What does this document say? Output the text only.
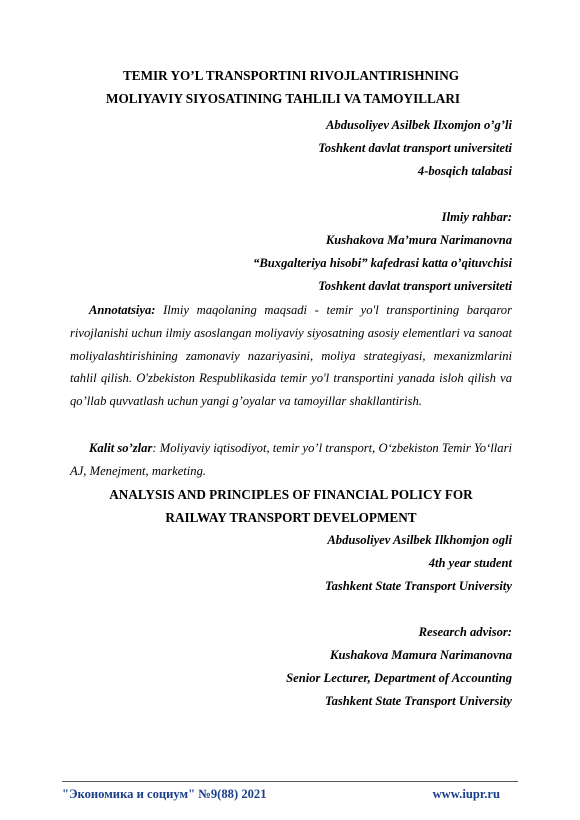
TEMIR YO’L TRANSPORTINI RIVOJLANTIRISHNING
MOLIYAVIY SIYOSATINING TAHLILI VA TAMOYILLARI
Abdusoliyev Asilbek Ilxomjon o’g’li
Toshkent davlat transport universiteti
4-bosqich talabasi
Ilmiy rahbar:
Kushakova Ma’mura Narimanovna
“Buxgalteriya hisobi” kafedrasi katta o’qituvchisi
Toshkent davlat transport universiteti
Annotatsiya: Ilmiy maqolaning maqsadi - temir yo'l transportining barqaror rivojlanishi uchun ilmiy asoslangan moliyaviy siyosatning asosiy elementlari va sanoat moliyalashtirishining zamonaviy nazariyasini, moliya strategiyasi, mexanizmlarini tahlil qilish. O'zbekiston Respublikasida temir yo'l transportini yanada isloh qilish va qo’llab quvvatlash uchun yangi g’oyalar va tamoyillar shakllantirish.
Kalit so’zlar: Moliyaviy iqtisodiyot, temir yo’l transport, O‘zbekiston Temir Yo‘llari AJ, Menejment, marketing.
ANALYSIS AND PRINCIPLES OF FINANCIAL POLICY FOR
RAILWAY TRANSPORT DEVELOPMENT
Abdusoliyev Asilbek Ilkhomjon ogli
4th year student
Tashkent State Transport University
Research advisor:
Kushakova Mamura Narimanovna
Senior Lecturer, Department of Accounting
Tashkent State Transport University
"Экономика и социум" №9(88) 2021	www.iupr.ru
